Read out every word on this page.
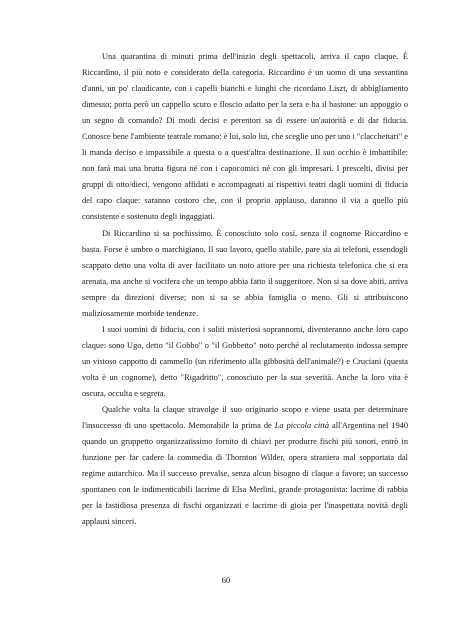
Una quarantina di minuti prima dell'inizio degli spettacoli, arriva il capo claque. È Riccardino, il più noto e considerato della categoria. Riccardino è un uomo di una sessantina d'anni, un po' claudicante, con i capelli bianchi e lunghi che ricordano Liszt, di abbigliamento dimesso; porta però un cappello scuro e floscio adatto per la sera e ha il bastone: un appoggio o un segno di comando? Di modi decisi e perentori sa di essere un'autorità e di dar fiducia. Conosce bene l'ambiente teatrale romano: è lui, solo lui, che sceglie uno per uno i "clacchettari" e li manda deciso e impassibile a questa o a quest'altra destinazione. Il suo occhio è imbattibile: non farà mai una brutta figura né con i capocomici né con gli impresari. I prescelti, divisi per gruppi di otto/dieci, vengono affidati e accompagnati ai rispettivi teatri dagli uomini di fiducia del capo claque: saranno costoro che, con il proprio applauso, daranno il via a quello più consistente e sostenuto degli ingaggiati.

Di Riccardino si sa pochissimo. È conosciuto solo così, senza il cognome Riccardino e basta. Forse è umbro o marchigiano. Il suo lavoro, quello stabile, pare sia ai telefoni, essendogli scappato detto una volta di aver facilitato un noto attore per una richiesta telefonica che si era arenata, ma anche si vocifera che un tempo abbia fatto il suggeritore. Non si sa dove abiti, arriva sempre da direzioni diverse; non si sa se abbia famiglia o meno. Gli si attribuiscono maliziosamente morbide tendenze.

I suoi uomini di fiducia, con i soliti misteriosi soprannomi, diventeranno anche loro capo claque: sono Ugo, detto "il Gobbo" o "il Gobbetto" noto perché al reclutamento indossa sempre un vistoso cappotto di cammello (un riferimento alla gibbosità dell'animale?) e Cruciani (questa volta è un cognome), detto "Rigadritto", conosciuto per la sua severità. Anche la loro vita è oscura, occulta e segreta.

Qualche volta la claque stravolge il suo originario scopo e viene usata per determinare l'insuccesso di uno spettacolo. Memorabile la prima de La piccola città all'Argentina nel 1940 quando un gruppetto organizzatissimo fornito di chiavi per produrre fischi più sonori, entrò in funzione per far cadere la commedia di Thornton Wilder, opera straniera mal sopportata dal regime autarchico. Ma il successo prevalse, senza alcun bisogno di claque a favore; un successo spontaneo con le indimenticabili lacrime di Elsa Merlini, grande protagonista: lacrime di rabbia per la fastidiosa presenza di fischi organizzati e lacrime di gioia per l'inaspettata novità degli applausi sinceri.

60
